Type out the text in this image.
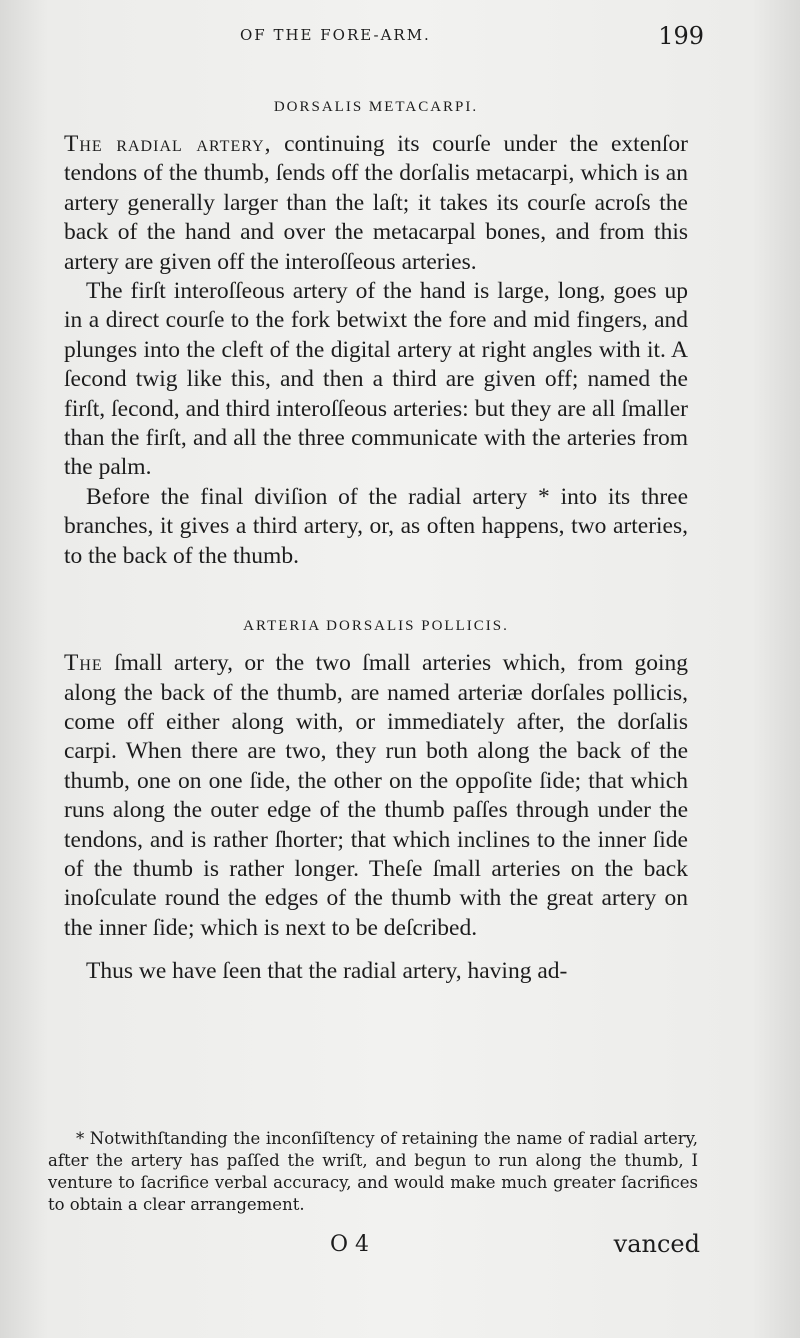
OF THE FORE-ARM.	199
DORSALIS METACARPI.

The radial artery, continuing its courſe under the extenſor tendons of the thumb, ſends off the dorſalis metacarpi, which is an artery generally larger than the laſt; it takes its courſe acroſs the back of the hand and over the metacarpal bones, and from this artery are given off the interoſſeous arteries.

The firſt interoſſeous artery of the hand is large, long, goes up in a direct courſe to the fork betwixt the fore and mid fingers, and plunges into the cleft of the digital artery at right angles with it. A ſecond twig like this, and then a third are given off; named the firſt, ſecond, and third interoſſeous arteries: but they are all ſmaller than the firſt, and all the three communicate with the arteries from the palm.

Before the final diviſion of the radial artery * into its three branches, it gives a third artery, or, as often happens, two arteries, to the back of the thumb.

ARTERIA DORSALIS POLLICIS.

The ſmall artery, or the two ſmall arteries which, from going along the back of the thumb, are named arteriæ dorſales pollicis, come off either along with, or immediately after, the dorſalis carpi. When there are two, they run both along the back of the thumb, one on one ſide, the other on the oppoſite ſide; that which runs along the outer edge of the thumb paſſes through under the tendons, and is rather ſhorter; that which inclines to the inner ſide of the thumb is rather longer. Theſe ſmall arteries on the back inoſculate round the edges of the thumb with the great artery on the inner ſide; which is next to be deſcribed.

Thus we have ſeen that the radial artery, having ad-

* Notwithſtanding the inconſiſtency of retaining the name of radial artery, after the artery has paſſed the wriſt, and begun to run along the thumb, I venture to ſacrifice verbal accuracy, and would make much greater ſacrifices to obtain a clear arrangement.

O 4	vanced
